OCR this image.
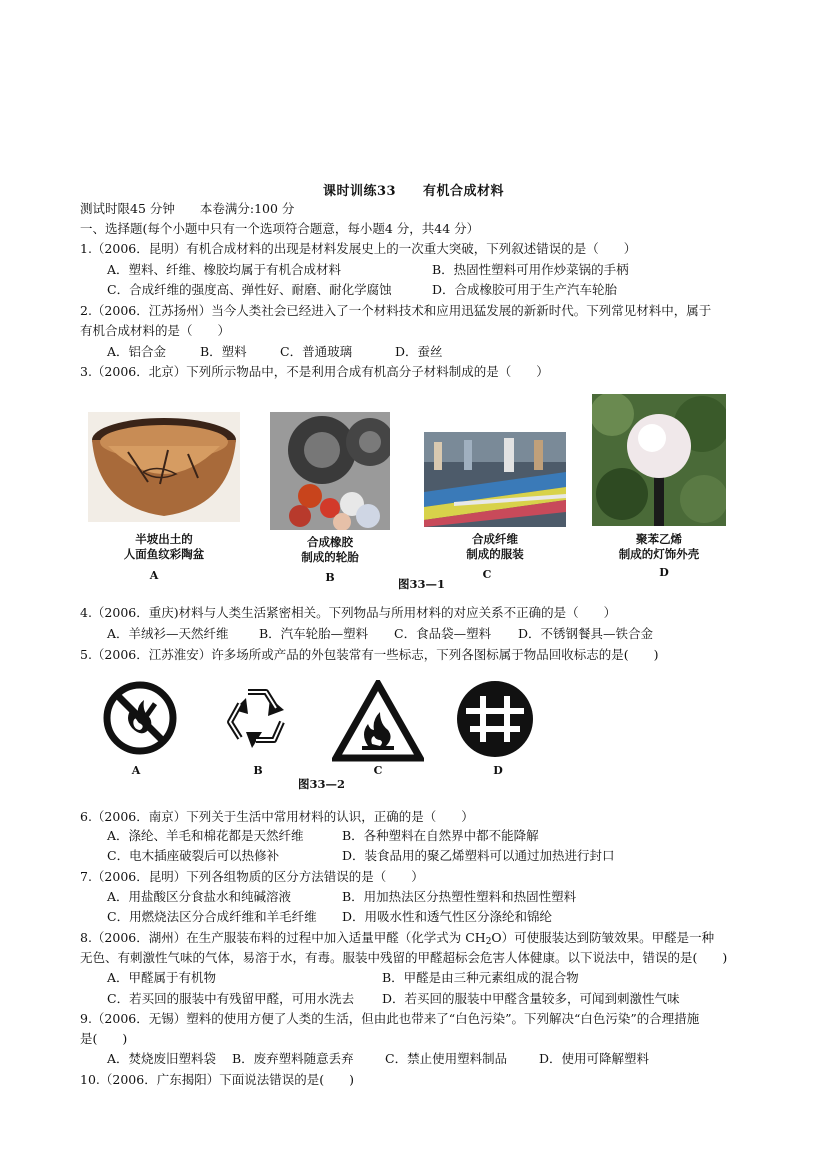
课时训练33　　有机合成材料
测试时限45 分钟　　本卷满分:100 分
一、选择题(每个小题中只有一个选项符合题意，每小题4 分，共44 分）
1.（2006．昆明）有机合成材料的出现是材料发展史上的一次重大突破，下列叙述错误的是（　　）
A．塑料、纤维、橡胶均属于有机合成材料	B．热固性塑料可用作炒菜锅的手柄
C．合成纤维的强度高、弹性好、耐磨、耐化学腐蚀	D．合成橡胶可用于生产汽车轮胎
2.（2006．江苏扬州）当今人类社会已经进入了一个材料技术和应用迅猛发展的新新时代。下列常见材料中，属于
有机合成材料的是（　　）
A．铝合金	B．塑料	C．普通玻璃	D．蚕丝
3.（2006．北京）下列所示物品中，不是利用合成有机高分子材料制成的是（　　）
半坡出土的
人面鱼纹彩陶盆
A
合成橡胶
制成的轮胎
B
合成纤维
制成的服装
C
聚苯乙烯
制成的灯饰外壳
D
图33—1
4.（2006．重庆)材料与人类生活紧密相关。下列物品与所用材料的对应关系不正确的是（　　）
A．羊绒衫—天然纤维 B．汽车轮胎—塑料 C．食品袋—塑料 D．不锈钢餐具—铁合金
5.（2006．江苏淮安）许多场所或产品的外包装常有一些标志，下列各图标属于物品回收标志的是(　　)
A	B	C	D
图33—2
6.（2006．南京）下列关于生活中常用材料的认识，正确的是（　　）
A．涤纶、羊毛和棉花都是天然纤维	B．各种塑料在自然界中都不能降解
C．电木插座破裂后可以热修补	D．装食品用的聚乙烯塑料可以通过加热进行封口
7.（2006．昆明）下列各组物质的区分方法错误的是（　　）
A．用盐酸区分食盐水和纯碱溶液	B．用加热法区分热塑性塑料和热固性塑料
C．用燃烧法区分合成纤维和羊毛纤维 D．用吸水性和透气性区分涤纶和锦纶
8.（2006．湖州）在生产服装布料的过程中加入适量甲醛（化学式为 $CH_2O$）可使服装达到防皱效果。甲醛是一种
无色、有刺激性气味的气体，易溶于水，有毒。服装中残留的甲醛超标会危害人体健康。以下说法中，错误的是(　　)
A．甲醛属于有机物	B．甲醛是由三种元素组成的混合物
C．若买回的服装中有残留甲醛，可用水洗去 D．若买回的服装中甲醛含量较多，可闻到刺激性气味
9.（2006．无锡）塑料的使用方便了人类的生活，但由此也带来了“白色污染”。下列解决“白色污染”的合理措施
是(　　)
A．焚烧废旧塑料袋 B．废弃塑料随意丢弃	C．禁止使用塑料制品	D．使用可降解塑料
10.（2006．广东揭阳）下面说法错误的是(　　)
